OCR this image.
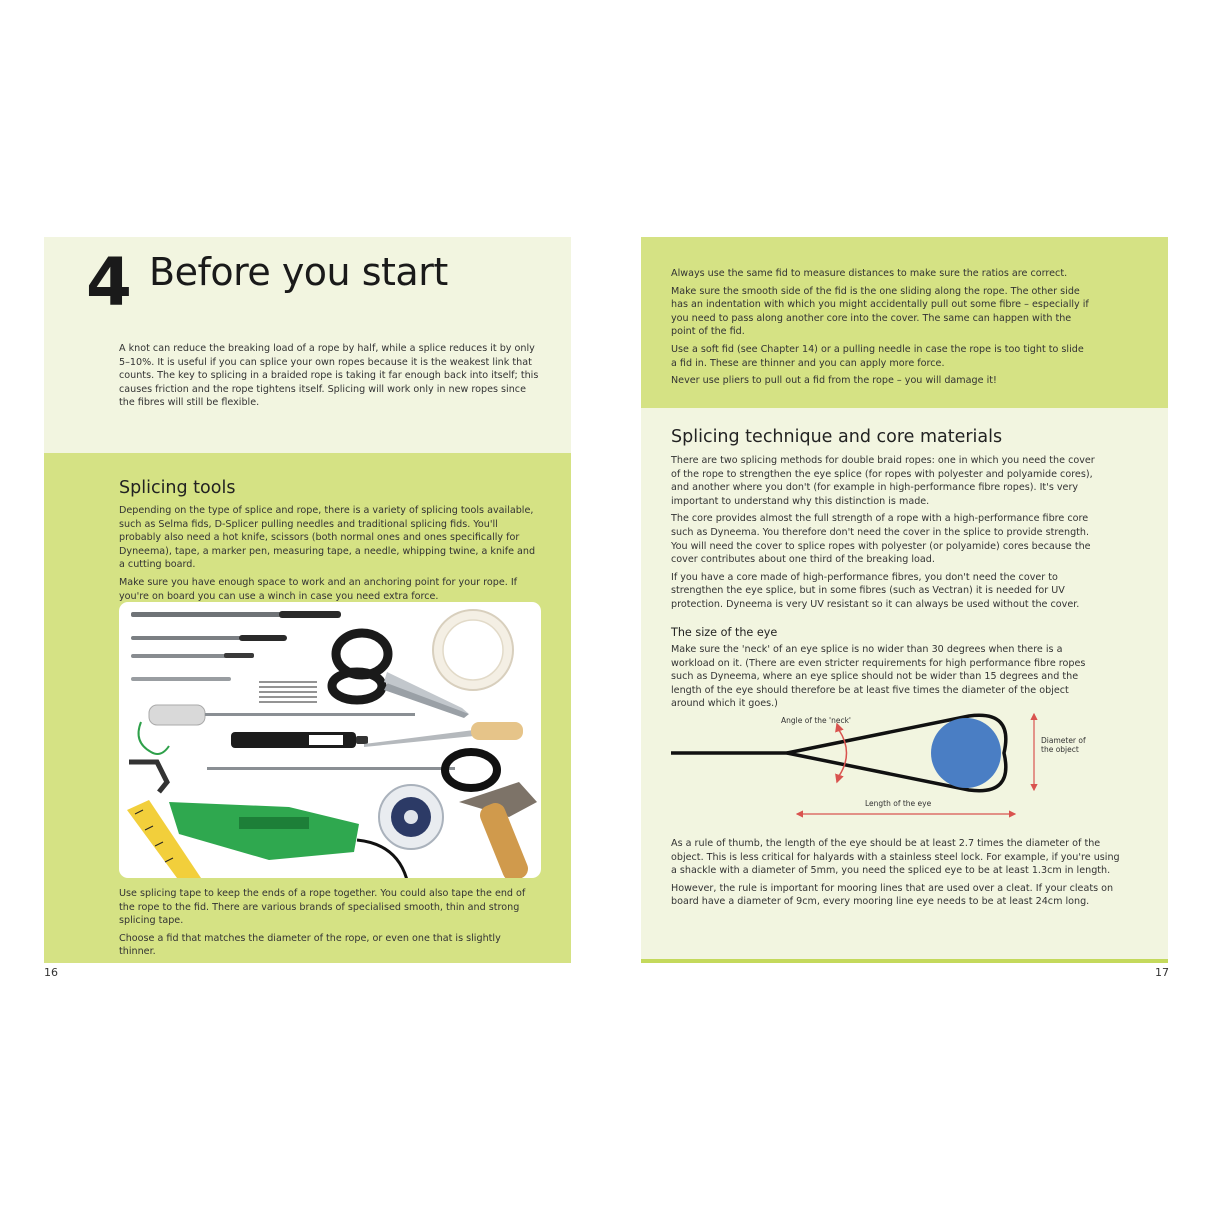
4 Before you start

A knot can reduce the breaking load of a rope by half, while a splice reduces it by only 5–10%. It is useful if you can splice your own ropes because it is the weakest link that counts. The key to splicing in a braided rope is taking it far enough back into itself; this causes friction and the rope tightens itself. Splicing will work only in new ropes since the fibres will still be flexible.

Splicing tools

Depending on the type of splice and rope, there is a variety of splicing tools available, such as Selma fids, D-Splicer pulling needles and traditional splicing fids. You'll probably also need a hot knife, scissors (both normal ones and ones specifically for Dyneema), tape, a marker pen, measuring tape, a needle, whipping twine, a knife and a cutting board.

Make sure you have enough space to work and an anchoring point for your rope. If you're on board you can use a winch in case you need extra force.

Use splicing tape to keep the ends of a rope together. You could also tape the end of the rope to the fid. There are various brands of specialised smooth, thin and strong splicing tape.

Choose a fid that matches the diameter of the rope, or even one that is slightly thinner.

Always use the same fid to measure distances to make sure the ratios are correct.

Make sure the smooth side of the fid is the one sliding along the rope. The other side has an indentation with which you might accidentally pull out some fibre – especially if you need to pass along another core into the cover. The same can happen with the point of the fid.

Use a soft fid (see Chapter 14) or a pulling needle in case the rope is too tight to slide a fid in. These are thinner and you can apply more force.

Never use pliers to pull out a fid from the rope – you will damage it!

Splicing technique and core materials

There are two splicing methods for double braid ropes: one in which you need the cover of the rope to strengthen the eye splice (for ropes with polyester and polyamide cores), and another where you don't (for example in high-performance fibre ropes). It's very important to understand why this distinction is made.

The core provides almost the full strength of a rope with a high-performance fibre core such as Dyneema. You therefore don't need the cover in the splice to provide strength. You will need the cover to splice ropes with polyester (or polyamide) cores because the cover contributes about one third of the breaking load.

If you have a core made of high-performance fibres, you don't need the cover to strengthen the eye splice, but in some fibres (such as Vectran) it is needed for UV protection. Dyneema is very UV resistant so it can always be used without the cover.

The size of the eye

Make sure the 'neck' of an eye splice is no wider than 30 degrees when there is a workload on it. (There are even stricter requirements for high performance fibre ropes such as Dyneema, where an eye splice should not be wider than 15 degrees and the length of the eye should therefore be at least five times the diameter of the object around which it goes.)

Angle of the 'neck'
Diameter of
the object
Length of the eye

As a rule of thumb, the length of the eye should be at least 2.7 times the diameter of the object. This is less critical for halyards with a stainless steel lock. For example, if you're using a shackle with a diameter of 5mm, you need the spliced eye to be at least 1.3cm in length.

However, the rule is important for mooring lines that are used over a cleat. If your cleats on board have a diameter of 9cm, every mooring line eye needs to be at least 24cm long.

16	17
